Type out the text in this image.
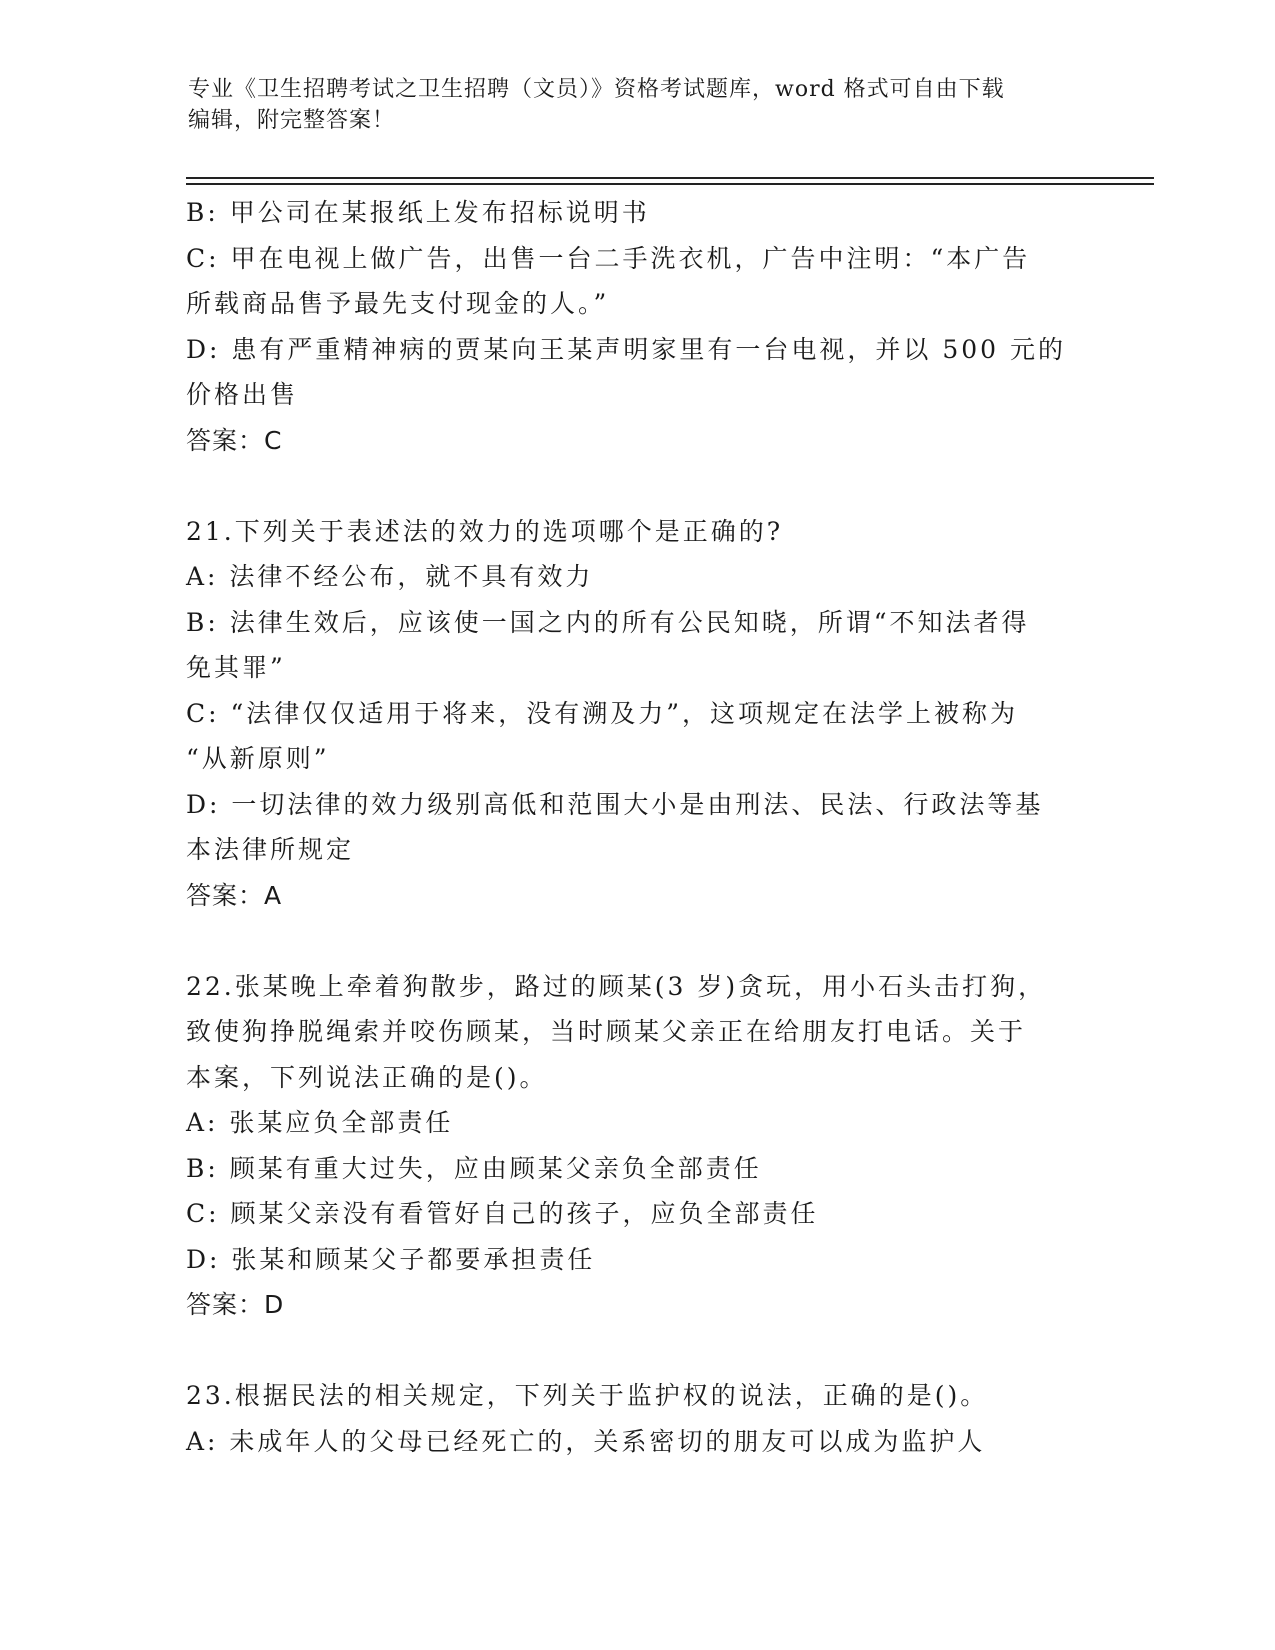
专业《卫生招聘考试之卫生招聘（文员）》资格考试题库，word 格式可自由下载
编辑，附完整答案！
B: 甲公司在某报纸上发布招标说明书
C: 甲在电视上做广告，出售一台二手洗衣机，广告中注明：“本广告
所载商品售予最先支付现金的人。”
D: 患有严重精神病的贾某向王某声明家里有一台电视，并以 500 元的
价格出售
答案：C
21.下列关于表述法的效力的选项哪个是正确的?
A: 法律不经公布，就不具有效力
B: 法律生效后，应该使一国之内的所有公民知晓，所谓“不知法者得
免其罪”
C: “法律仅仅适用于将来，没有溯及力”，这项规定在法学上被称为
“从新原则”
D: 一切法律的效力级别高低和范围大小是由刑法、民法、行政法等基
本法律所规定
答案：A
22.张某晚上牵着狗散步，路过的顾某(3 岁)贪玩，用小石头击打狗，
致使狗挣脱绳索并咬伤顾某，当时顾某父亲正在给朋友打电话。关于
本案，下列说法正确的是()。
A: 张某应负全部责任
B: 顾某有重大过失，应由顾某父亲负全部责任
C: 顾某父亲没有看管好自己的孩子，应负全部责任
D: 张某和顾某父子都要承担责任
答案：D
23.根据民法的相关规定，下列关于监护权的说法，正确的是()。
A: 未成年人的父母已经死亡的，关系密切的朋友可以成为监护人
